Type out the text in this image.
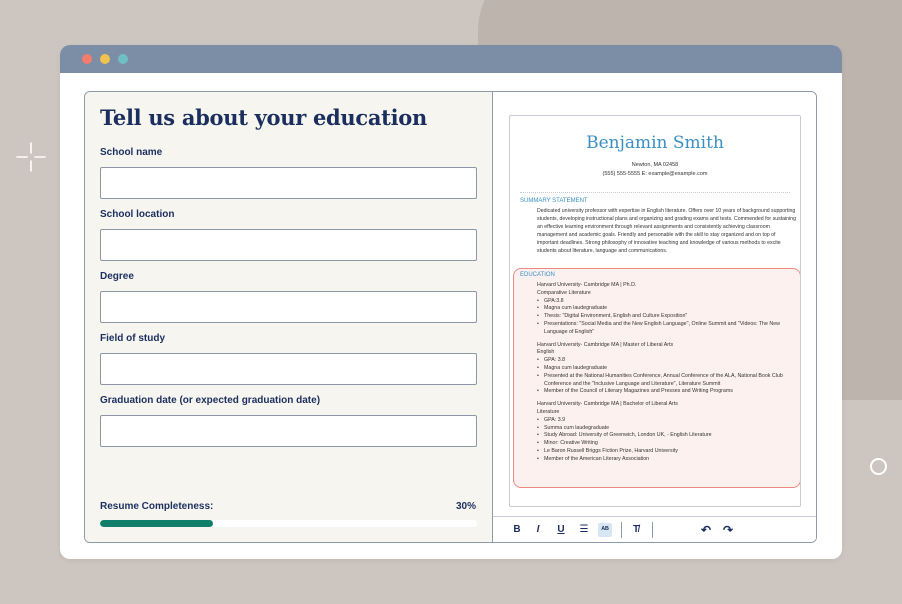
Tell us about your education
School name
School location
Degree
Field of study
Graduation date (or expected graduation date)
Resume Completeness:	30%
Benjamin Smith
Newton, MA 02458
(555) 555-5555 E: example@example.com
SUMMARY STATEMENT
Dedicated university professor with expertise in English literature. Offers over 10 years of background supporting students, developing instructional plans and organizing and grading exams and tests. Commended for sustaining an effective learning environment through relevant assignments and consistently achieving classroom management and academic goals. Friendly and personable with the skill to stay organized and on top of important deadlines. Strong philosophy of innovative teaching and knowledge of various methods to excite students about literature, language and communications.
EDUCATION
Harvard University- Cambridge MA | Ph.D.
Comparative Literature
• GPA:3.8
• Magna cum laudegraduate
• Thesis: "Digital Environment, English and Culture Exposition"
• Presentations: "Social Media and the New English Language", Online Summit and "Videos: The New Language of English"
Harvard University- Cambridge MA | Master of Liberal Arts
English
• GPA: 3.8
• Magna cum laudegraduate
• Presented at the National Humanities Conference, Annual Conference of the ALA, National Book Club Conference and the "Inclusive Language and Literature", Literature Summit
• Member of the Council of Literary Magazines and Presses and Writing Programs
Harvard University- Cambridge MA | Bachelor of Liberal Arts
Literature
• GPA: 3.9
• Summa cum laudegraduate
• Study Abroad: University of Greenwich, London UK, - English Literature
• Minor: Creative Writing
• Le Baron Russell Briggs Fiction Prize, Harvard University
• Member of the American Literary Association
B	I	U	☰	ᴬᴮ	T̸	↶ ↷
